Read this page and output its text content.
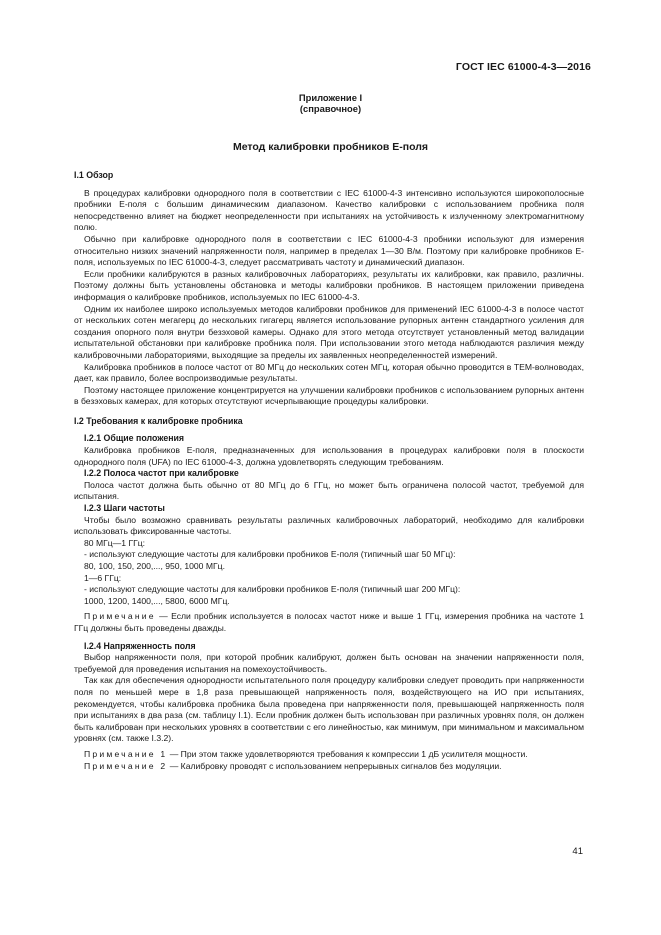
ГОСТ IEC 61000-4-3—2016
Приложение I
(справочное)
Метод калибровки пробников E-поля
I.1 Обзор

В процедурах калибровки однородного поля в соответствии с IEC 61000-4-3 интенсивно используются широкополосные пробники E-поля с большим динамическим диапазоном. Качество калибровки с использованием пробника поля непосредственно влияет на бюджет неопределенности при испытаниях на устойчивость к излученному электромагнитному полю.

Обычно при калибровке однородного поля в соответствии с IEC 61000-4-3 пробники используют для измерения относительно низких значений напряженности поля, например в пределах 1—30 В/м. Поэтому при калибровке пробников E-поля, используемых по IEC 61000-4-3, следует рассматривать частоту и динамический диапазон.

Если пробники калибруются в разных калибровочных лабораториях, результаты их калибровки, как правило, различны. Поэтому должны быть установлены обстановка и методы калибровки пробников. В настоящем приложении приведена информация о калибровке пробников, используемых по IEC 61000-4-3.

Одним их наиболее широко используемых методов калибровки пробников для применений IEC 61000-4-3 в полосе частот от нескольких сотен мегагерц до нескольких гигагерц является использование рупорных антенн стандартного усиления для создания опорного поля внутри безэховой камеры. Однако для этого метода отсутствует установленный метод валидации испытательной обстановки при калибровке пробника поля. При использовании этого метода наблюдаются различия между калибровочными лабораториями, выходящие за пределы их заявленных неопределенностей измерений.

Калибровка пробников в полосе частот от 80 МГц до нескольких сотен МГц, которая обычно проводится в ТЕМ-волноводах, дает, как правило, более воспроизводимые результаты.

Поэтому настоящее приложение концентрируется на улучшении калибровки пробников с использованием рупорных антенн в безэховых камерах, для которых отсутствуют исчерпывающие процедуры калибровки.

I.2 Требования к калибровке пробника
I.2.1 Общие положения

Калибровка пробников E-поля, предназначенных для использования в процедурах калибровки поля в плоскости однородного поля (UFA) по IEC 61000-4-3, должна удовлетворять следующим требованиям.

I.2.2 Полоса частот при калибровке

Полоса частот должна быть обычно от 80 МГц до 6 ГГц, но может быть ограничена полосой частот, требуемой для испытания.

I.2.3 Шаги частоты

Чтобы было возможно сравнивать результаты различных калибровочных лабораторий, необходимо для калибровки использовать фиксированные частоты.

80 МГц—1 ГГц:
- используют следующие частоты для калибровки пробников E-поля (типичный шаг 50 МГц):
80, 100, 150, 200,..., 950, 1000 МГц.
1—6 ГГц:
- используют следующие частоты для калибровки пробников E-поля (типичный шаг 200 МГц):
1000, 1200, 1400,..., 5800, 6000 МГц.
Примечание — Если пробник используется в полосах частот ниже и выше 1 ГГц, измерения пробника на частоте 1 ГГц должны быть проведены дважды.
I.2.4 Напряженность поля

Выбор напряженности поля, при которой пробник калибруют, должен быть основан на значении напряженности поля, требуемой для проведения испытания на помехоустойчивость.

Так как для обеспечения однородности испытательного поля процедуру калибровки следует проводить при напряженности поля по меньшей мере в 1,8 раза превышающей напряженность поля, воздействующего на ИО при испытаниях, рекомендуется, чтобы калибровка пробника была проведена при напряженности поля, превышающей напряженность поля при испытаниях в два раза (см. таблицу I.1). Если пробник должен быть использован при различных уровнях поля, он должен быть калиброван при нескольких уровнях в соответствии с его линейностью, как минимум, при минимальном и максимальном уровнях (см. также I.3.2).

Примечание 1 — При этом также удовлетворяются требования к компрессии 1 дБ усилителя мощности.
Примечание 2 — Калибровку проводят с использованием непрерывных сигналов без модуляции.
41
